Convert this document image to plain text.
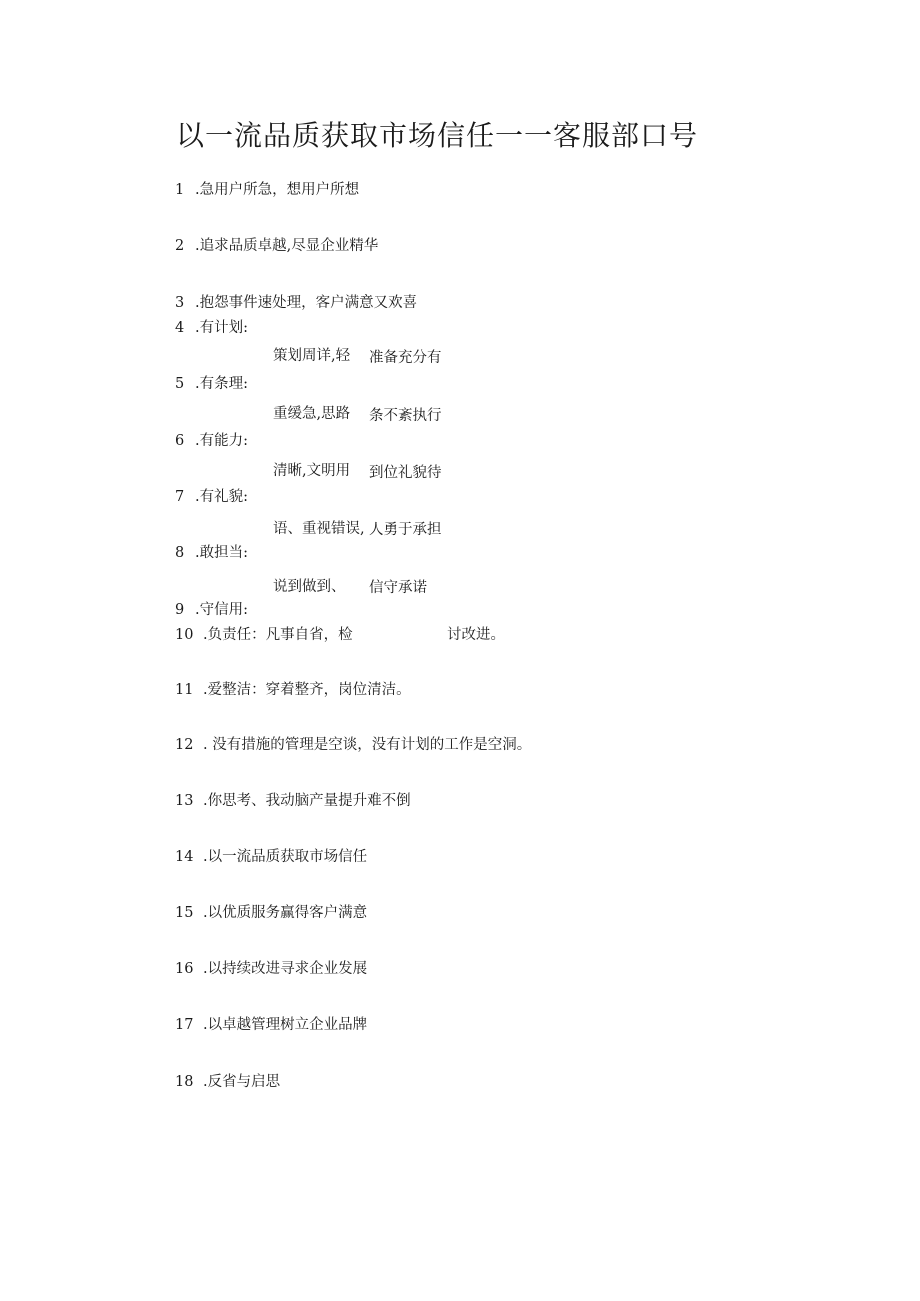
以一流品质获取市场信任一一客服部口号
1 .急用户所急，想用户所想
2 .追求品质卓越,尽显企业精华
3 .抱怨事件速处理，客户满意又欢喜
4 .有计划:
5 .有条理:
6 .有能力:
7 .有礼貌:
8 .敢担当:
9 .守信用:
10 .负责任：凡事自省，检	讨改进。
11 .爱整洁：穿着整齐，岗位清洁。
12 . 没有措施的管理是空谈，没有计划的工作是空洞。
13 .你思考、我动脑产量提升难不倒
14 .以一流品质获取市场信任
15 .以优质服务赢得客户满意
16 .以持续改进寻求企业发展
17 .以卓越管理树立企业品牌
18 .反省与启思
策划周详,轻 准备充分有
重缓急,思路 条不紊执行
清晰,文明用 到位礼貌待
语、重视错误, 人勇于承担
说到做到、 信守承诺
